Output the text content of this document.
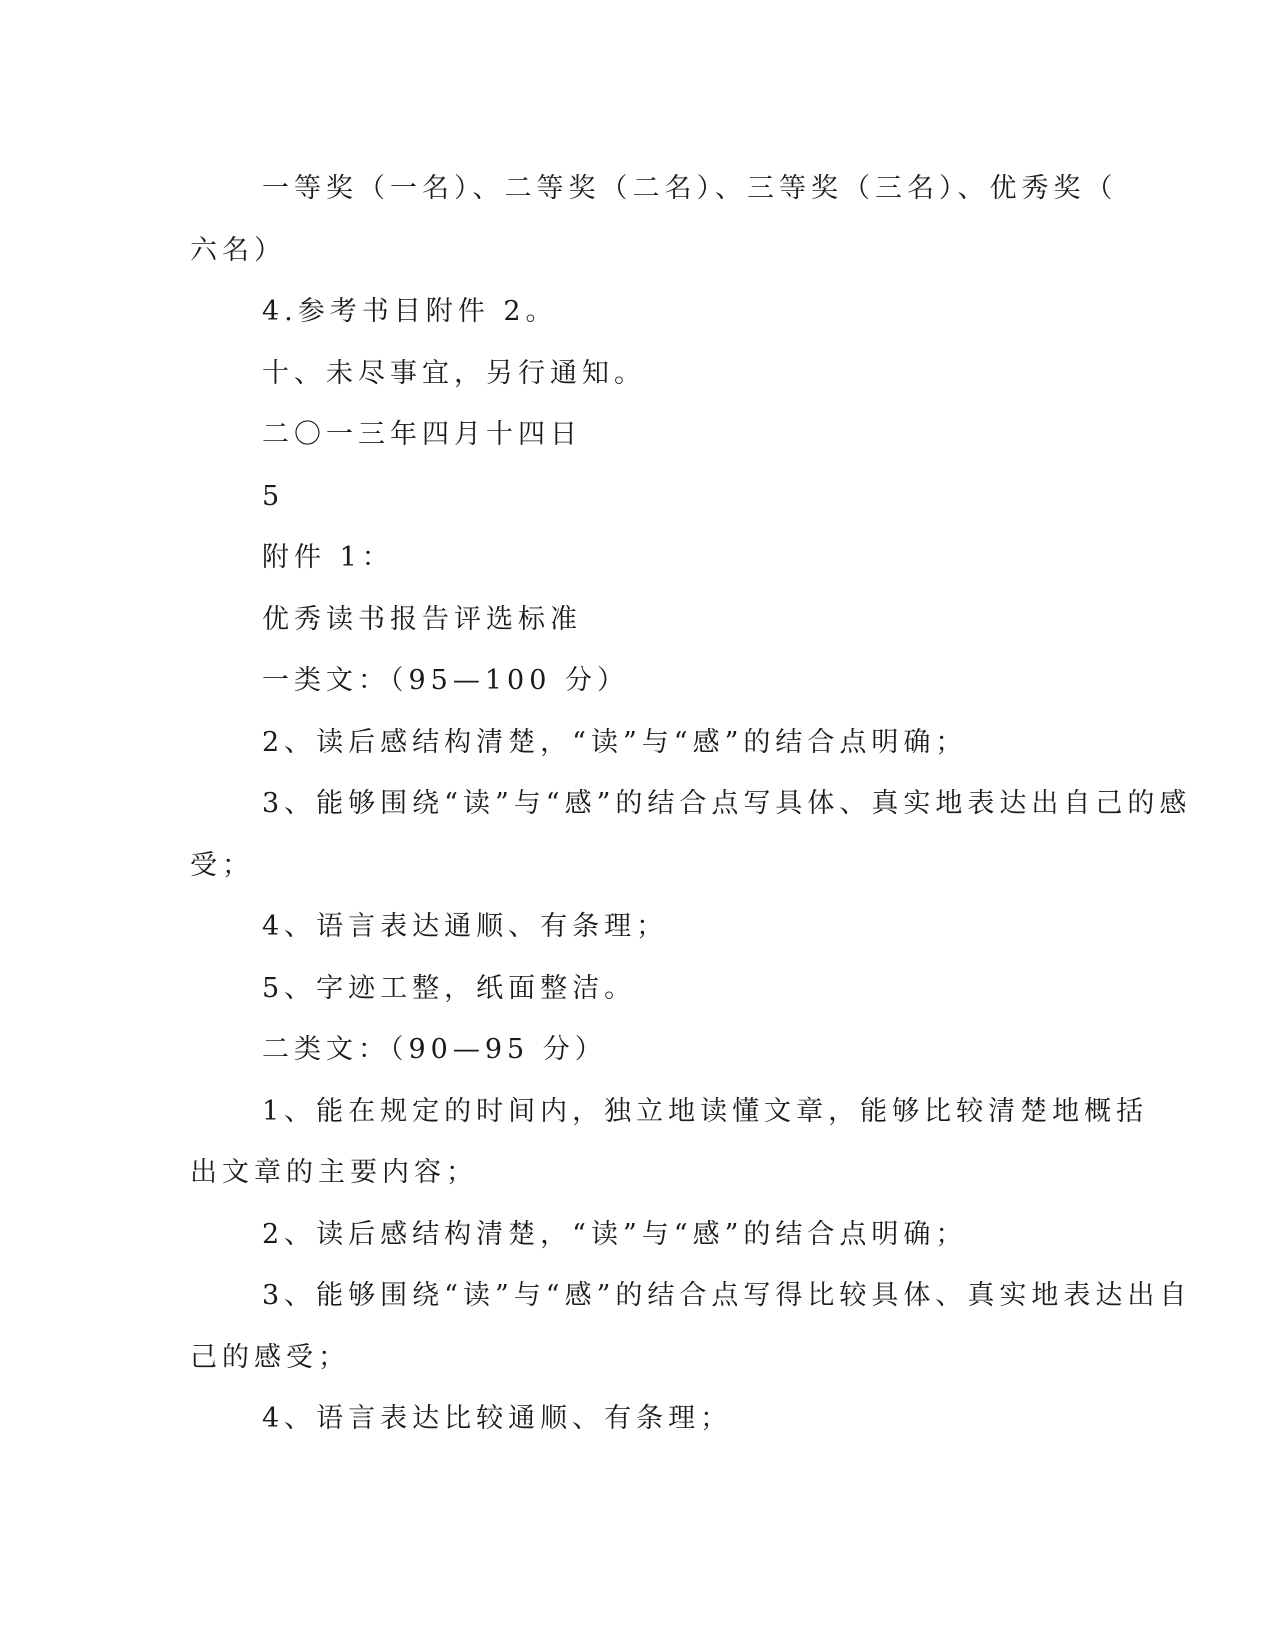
一等奖（一名）、二等奖（二名）、三等奖（三名）、优秀奖（

六名）

4.参考书目附件 2。

十、未尽事宜，另行通知。

二〇一三年四月十四日

5

附件 1：

优秀读书报告评选标准

一类文：（95—100 分）

2、读后感结构清楚，“读”与“感”的结合点明确；

3、能够围绕“读”与“感”的结合点写具体、真实地表达出自己的感

受；

4、语言表达通顺、有条理；

5、字迹工整，纸面整洁。

二类文：（90—95 分）

1、能在规定的时间内，独立地读懂文章，能够比较清楚地概括

出文章的主要内容；

2、读后感结构清楚，“读”与“感”的结合点明确；

3、能够围绕“读”与“感”的结合点写得比较具体、真实地表达出自

己的感受；

4、语言表达比较通顺、有条理；
